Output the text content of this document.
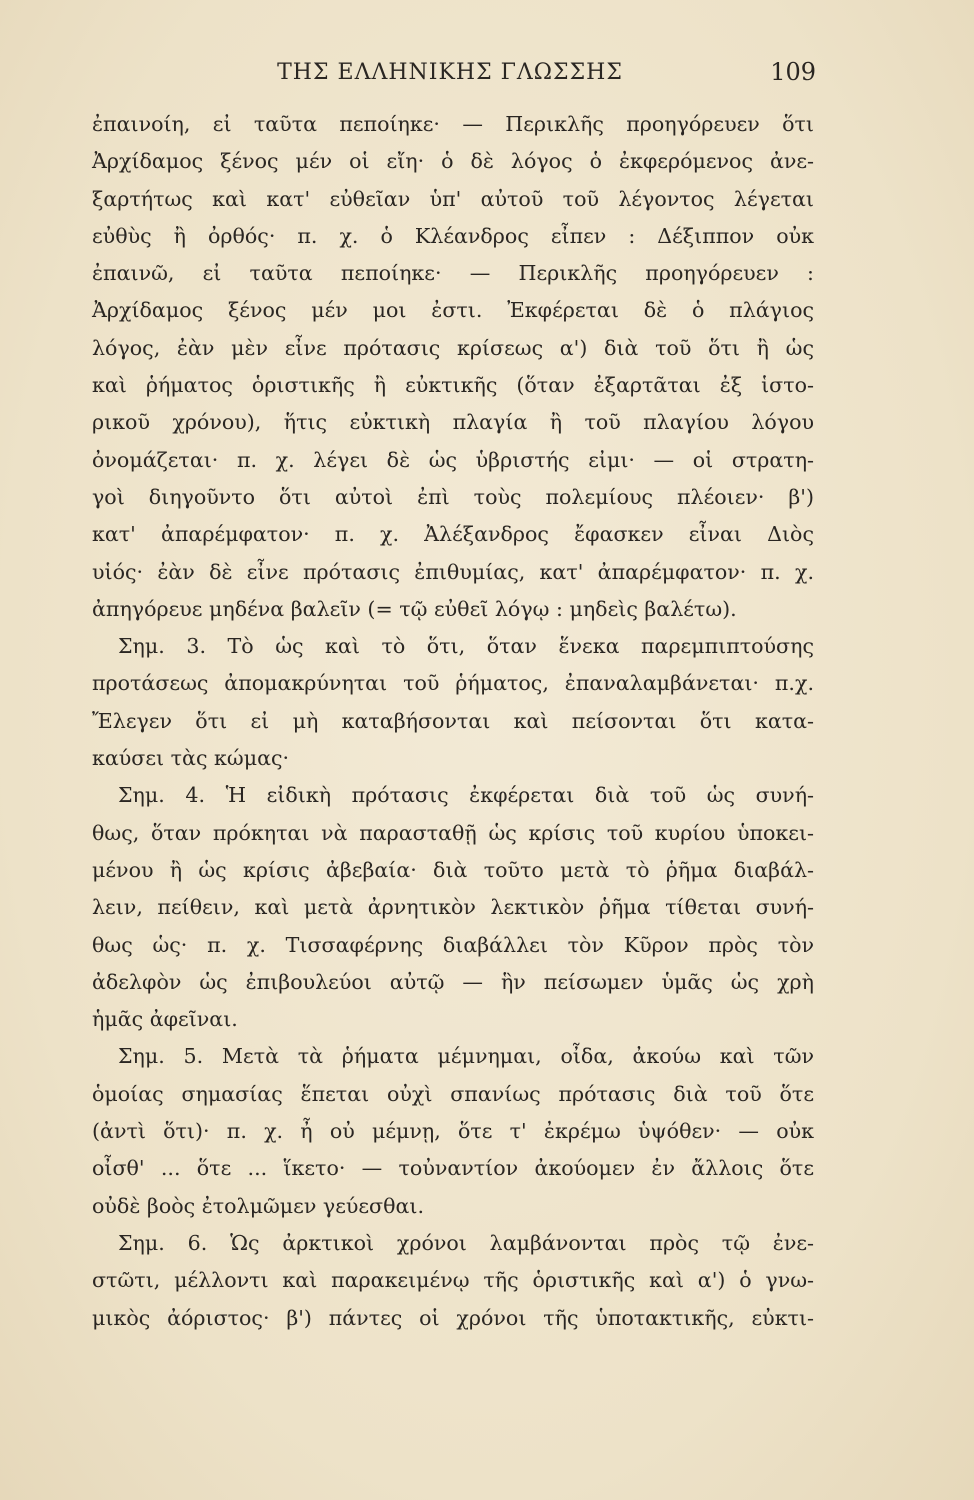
ΤΗΣ ΕΛΛΗΝΙΚΗΣ ΓΛΩΣΣΗΣ	109
ἐπαινοίη, εἰ ταῦτα πεποίηκε· — Περικλῆς προηγόρευεν ὅτι
Ἀρχίδαμος ξένος μέν οἱ εἴη· ὁ δὲ λόγος ὁ ἐκφερόμενος ἀνε-
ξαρτήτως καὶ κατ' εὐθεῖαν ὑπ' αὐτοῦ τοῦ λέγοντος λέγεται
εὐθὺς ἢ ὀρθός· π. χ. ὁ Κλέανδρος εἶπεν : Δέξιππον οὐκ
ἐπαινῶ, εἰ ταῦτα πεποίηκε· — Περικλῆς προηγόρευεν :
Ἀρχίδαμος ξένος μέν μοι ἐστι. Ἐκφέρεται δὲ ὁ πλάγιος
λόγος, ἐὰν μὲν εἶνε πρότασις κρίσεως α') διὰ τοῦ ὅτι ἢ ὡς
καὶ ῥήματος ὁριστικῆς ἢ εὐκτικῆς (ὅταν ἐξαρτᾶται ἐξ ἱστο-
ρικοῦ χρόνου), ἥτις εὐκτικὴ πλαγία ἢ τοῦ πλαγίου λόγου
ὀνομάζεται· π. χ. λέγει δὲ ὡς ὑβριστής εἰμι· — οἱ στρατη-
γοὶ διηγοῦντο ὅτι αὐτοὶ ἐπὶ τοὺς πολεμίους πλέοιεν· β')
κατ' ἀπαρέμφατον· π. χ. Ἀλέξανδρος ἔφασκεν εἶναι Διὸς
υἱός· ἐὰν δὲ εἶνε πρότασις ἐπιθυμίας, κατ' ἀπαρέμφατον· π. χ.
ἀπηγόρευε μηδένα βαλεῖν (= τῷ εὐθεῖ λόγῳ : μηδεὶς βαλέτω).
Σημ. 3. Τὸ ὡς καὶ τὸ ὅτι, ὅταν ἕνεκα παρεμπιπτούσης
προτάσεως ἀπομακρύνηται τοῦ ῥήματος, ἐπαναλαμβάνεται· π.χ.
Ἔλεγεν ὅτι εἰ μὴ καταβήσονται καὶ πείσονται ὅτι κατα-
καύσει τὰς κώμας·
Σημ. 4. Ἡ εἰδικὴ πρότασις ἐκφέρεται διὰ τοῦ ὡς συνή-
θως, ὅταν πρόκηται νὰ παρασταθῇ ὡς κρίσις τοῦ κυρίου ὑποκει-
μένου ἢ ὡς κρίσις ἀβεβαία· διὰ τοῦτο μετὰ τὸ ῥῆμα διαβάλ-
λειν, πείθειν, καὶ μετὰ ἀρνητικὸν λεκτικὸν ῥῆμα τίθεται συνή-
θως ὡς· π. χ. Τισσαφέρνης διαβάλλει τὸν Κῦρον πρὸς τὸν
ἀδελφὸν ὡς ἐπιβουλεύοι αὐτῷ — ἣν πείσωμεν ὑμᾶς ὡς χρὴ
ἡμᾶς ἀφεῖναι.
Σημ. 5. Μετὰ τὰ ῥήματα μέμνημαι, οἶδα, ἀκούω καὶ τῶν
ὁμοίας σημασίας ἕπεται οὐχὶ σπανίως πρότασις διὰ τοῦ ὅτε
(ἀντὶ ὅτι)· π. χ. ἦ οὐ μέμνῃ, ὅτε τ' ἐκρέμω ὑψόθεν· — οὐκ
οἶσθ' ... ὅτε ... ἵκετο· — τοὐναντίον ἀκούομεν ἐν ἄλλοις ὅτε
οὐδὲ βοὸς ἐτολμῶμεν γεύεσθαι.
Σημ. 6. Ὡς ἀρκτικοὶ χρόνοι λαμβάνονται πρὸς τῷ ἐνε-
στῶτι, μέλλοντι καὶ παρακειμένῳ τῆς ὁριστικῆς καὶ α') ὁ γνω-
μικὸς ἀόριστος· β') πάντες οἱ χρόνοι τῆς ὑποτακτικῆς, εὐκτι-
